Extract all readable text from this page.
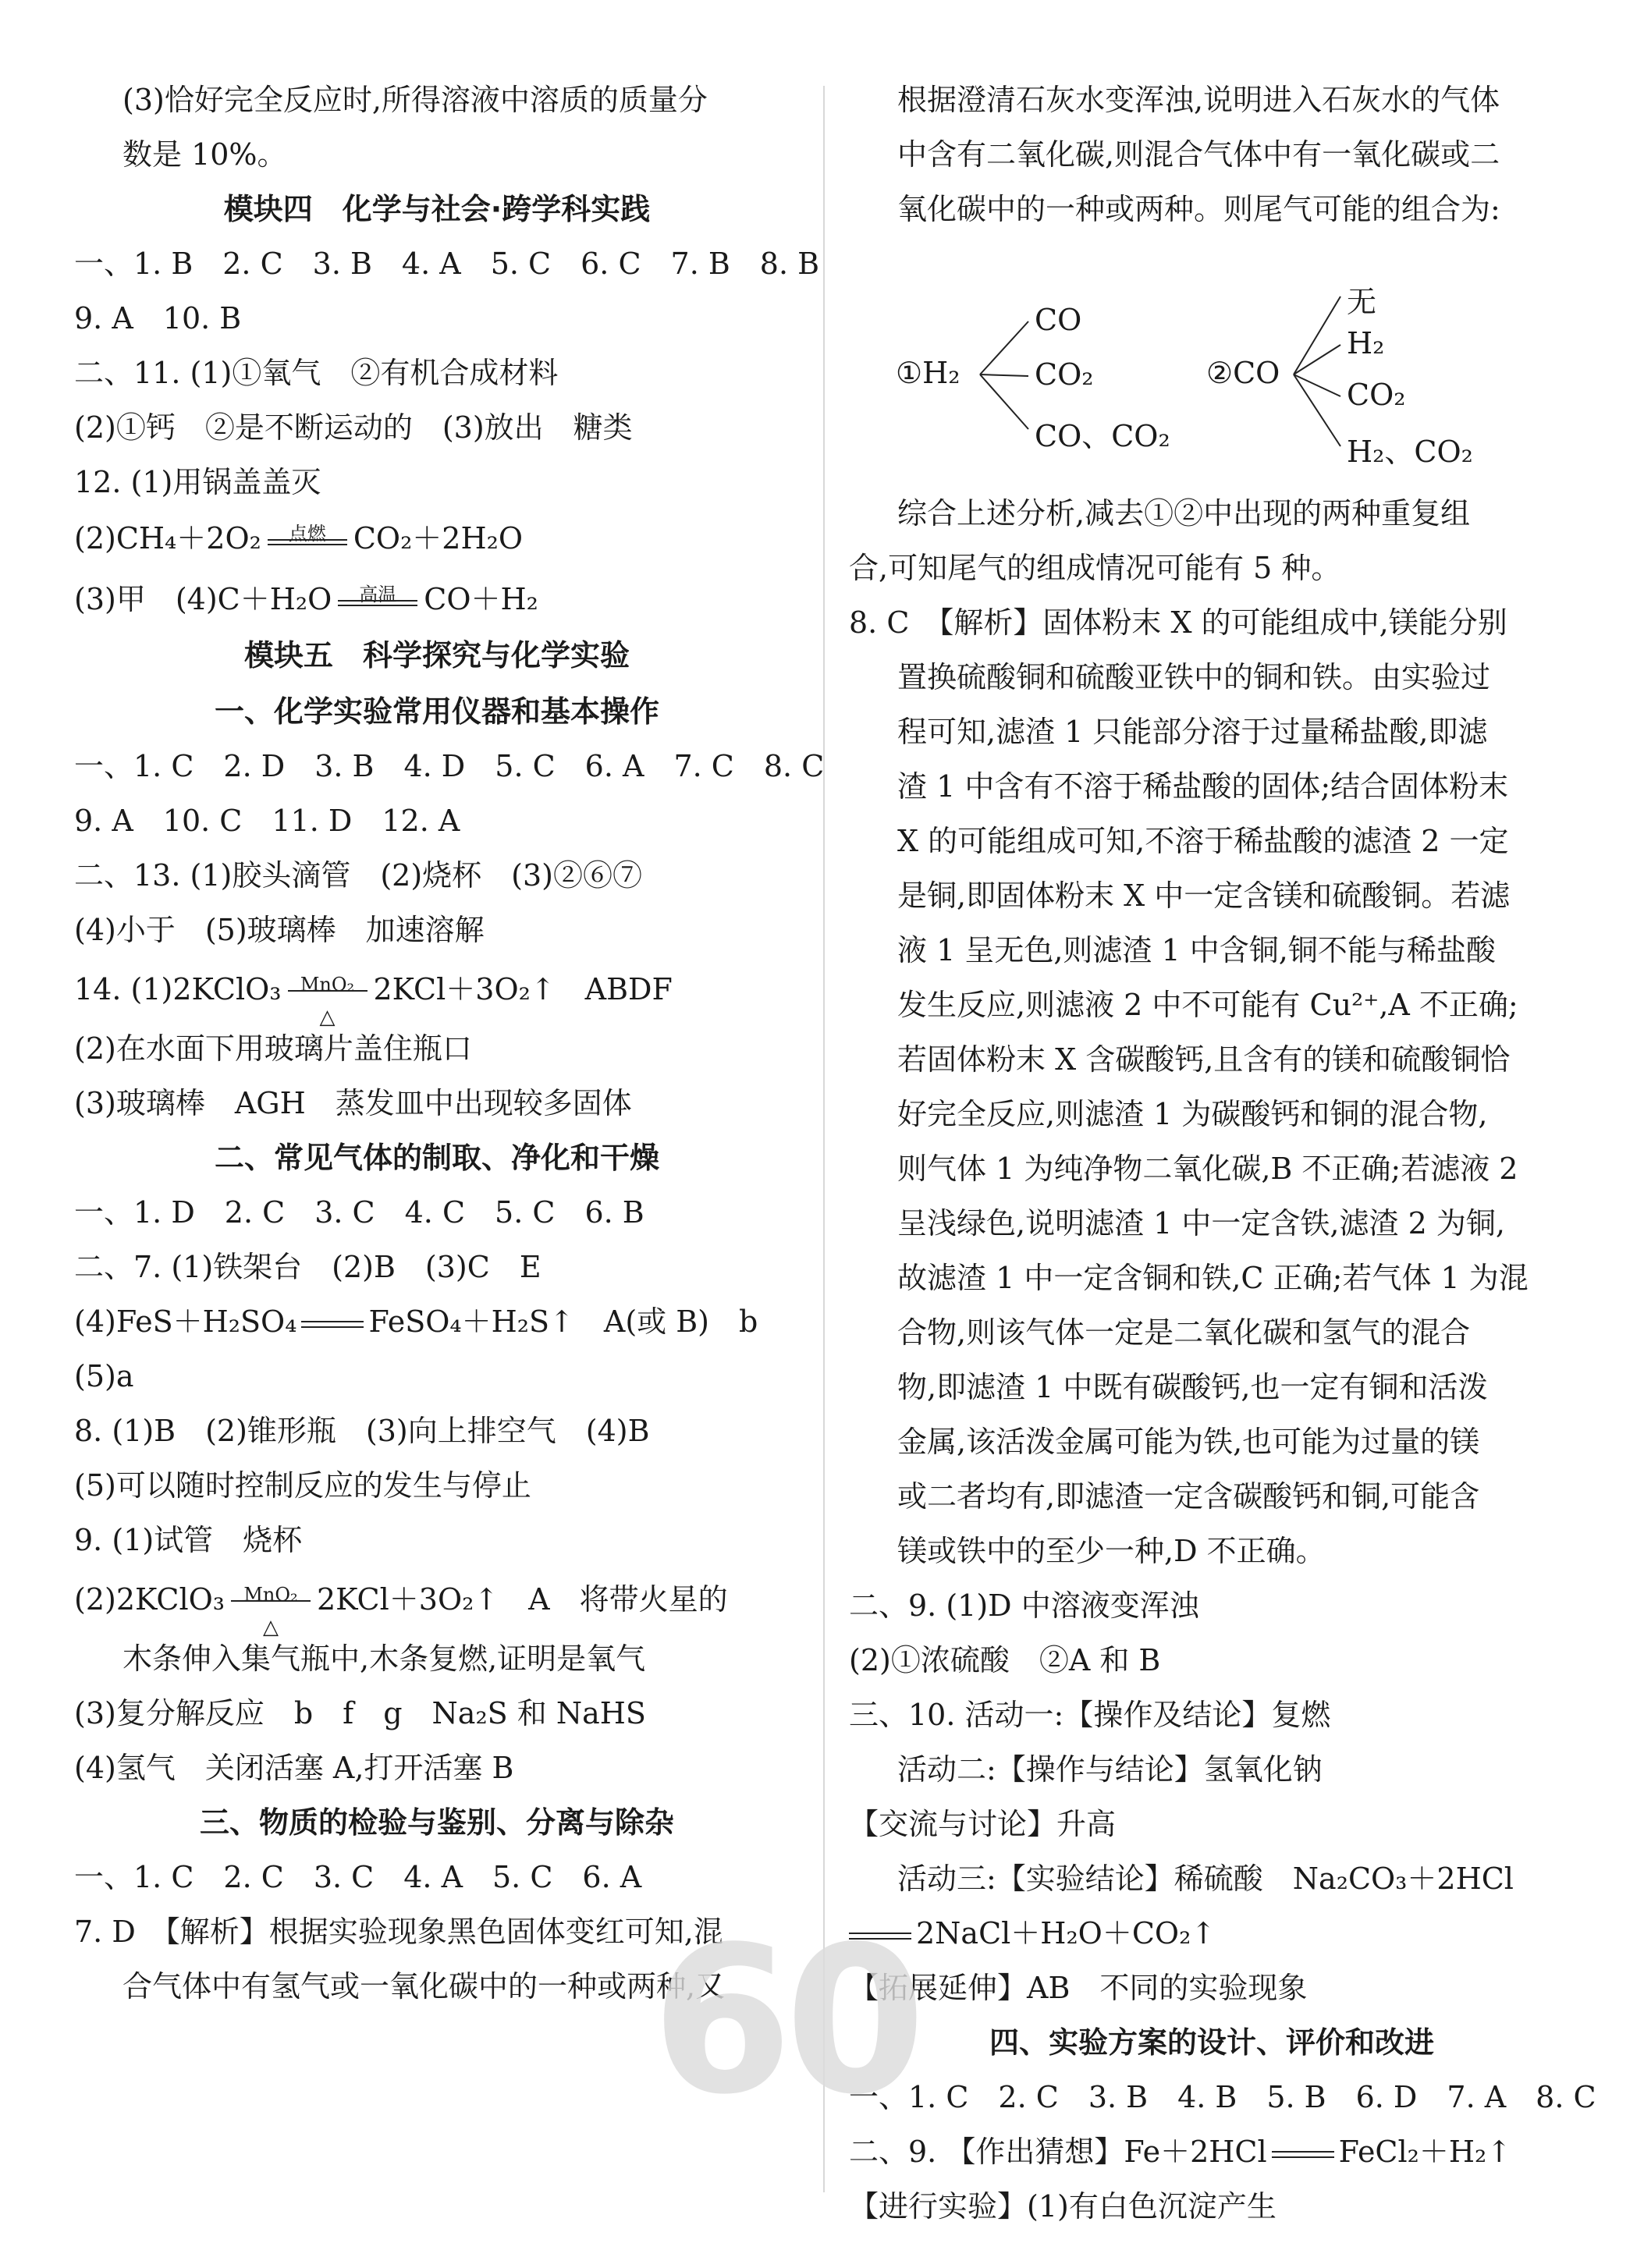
(3)恰好完全反应时,所得溶液中溶质的质量分
数是 10%。
模块四　化学与社会·跨学科实践
一、1. B　2. C　3. B　4. A　5. C　6. C　7. B　8. B
9. A　10. B
二、11. (1)①氧气　②有机合成材料
(2)①钙　②是不断运动的　(3)放出　糖类
12. (1)用锅盖盖灭
(2)CH₄＋2O₂	点燃 CO₂＋2H₂O
(3)甲　(4)C＋H₂O	高温 CO＋H₂
模块五　科学探究与化学实验
一、化学实验常用仪器和基本操作
一、1. C　2. D　3. B　4. D　5. C　6. A　7. C　8. C
9. A　10. C　11. D　12. A
二、13. (1)胶头滴管　(2)烧杯　(3)②⑥⑦
(4)小于　(5)玻璃棒　加速溶解
14. (1)2KClO₃	MnO₂
△
2KCl＋3O₂↑　ABDF
(2)在水面下用玻璃片盖住瓶口
(3)玻璃棒　AGH　蒸发皿中出现较多固体
二、常见气体的制取、净化和干燥
一、1. D　2. C　3. C　4. C　5. C　6. B
二、7. (1)铁架台　(2)B　(3)C　E
(4)FeS＋H₂SO₄ FeSO₄＋H₂S↑　A(或 B)　b
(5)a
8. (1)B　(2)锥形瓶　(3)向上排空气　(4)B
(5)可以随时控制反应的发生与停止
9. (1)试管　烧杯
(2)2KClO₃	MnO₂
△
2KCl＋3O₂↑　A　将带火星的
木条伸入集气瓶中,木条复燃,证明是氧气
(3)复分解反应　b　f　g　Na₂S 和 NaHS
(4)氢气　关闭活塞 A,打开活塞 B
三、物质的检验与鉴别、分离与除杂
一、1. C　2. C　3. C　4. A　5. C　6. A
7. D　【解析】根据实验现象黑色固体变红可知,混
合气体中有氢气或一氧化碳中的一种或两种,又
根据澄清石灰水变浑浊,说明进入石灰水的气体
中含有二氧化碳,则混合气体中有一氧化碳或二
氧化碳中的一种或两种。则尾气可能的组合为:
①H₂
CO
CO₂
CO、CO₂
②CO
无
H₂
CO₂
H₂、CO₂
综合上述分析,减去①②中出现的两种重复组
合,可知尾气的组成情况可能有 5 种。
8. C　【解析】固体粉末 X 的可能组成中,镁能分别
置换硫酸铜和硫酸亚铁中的铜和铁。由实验过
程可知,滤渣 1 只能部分溶于过量稀盐酸,即滤
渣 1 中含有不溶于稀盐酸的固体;结合固体粉末
X 的可能组成可知,不溶于稀盐酸的滤渣 2 一定
是铜,即固体粉末 X 中一定含镁和硫酸铜。若滤
液 1 呈无色,则滤渣 1 中含铜,铜不能与稀盐酸
发生反应,则滤液 2 中不可能有 Cu²⁺,A 不正确;
若固体粉末 X 含碳酸钙,且含有的镁和硫酸铜恰
好完全反应,则滤渣 1 为碳酸钙和铜的混合物,
则气体 1 为纯净物二氧化碳,B 不正确;若滤液 2
呈浅绿色,说明滤渣 1 中一定含铁,滤渣 2 为铜,
故滤渣 1 中一定含铜和铁,C 正确;若气体 1 为混
合物,则该气体一定是二氧化碳和氢气的混合
物,即滤渣 1 中既有碳酸钙,也一定有铜和活泼
金属,该活泼金属可能为铁,也可能为过量的镁
或二者均有,即滤渣一定含碳酸钙和铜,可能含
镁或铁中的至少一种,D 不正确。
二、9. (1)D 中溶液变浑浊
(2)①浓硫酸　②A 和 B
三、10. 活动一:【操作及结论】复燃
活动二:【操作与结论】氢氧化钠
【交流与讨论】升高
活动三:【实验结论】稀硫酸　Na₂CO₃＋2HCl
2NaCl＋H₂O＋CO₂↑
【拓展延伸】AB　不同的实验现象
四、实验方案的设计、评价和改进
一、1. C　2. C　3. B　4. B　5. B　6. D　7. A　8. C
二、9. 【作出猜想】Fe＋2HCl FeCl₂＋H₂↑
【进行实验】(1)有白色沉淀产生
60
